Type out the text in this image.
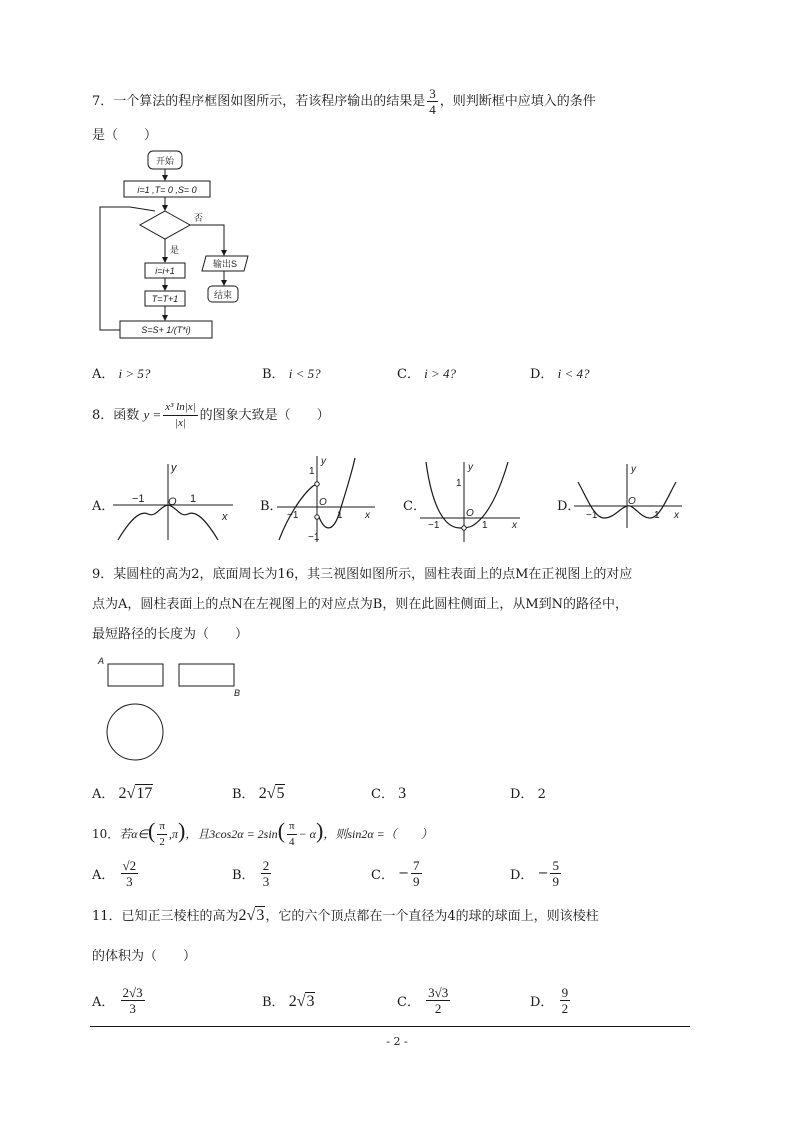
7．一个算法的程序框图如图所示，若该程序输出的结果是 $\frac{3}{4}$ ，则判断框中应填入的条件
是（　　）
开始
i=1 ,T= 0 ,S= 0
否
是
i=i+1
T=T+1
S=S+ 1/(T*i)
输出S
结束
A． i > 5?	B． i < 5?	C． i > 4?	D． i < 4?
8．函数 $y = \frac{\text{x³ ln|x|}}{|x|}$ 的图象大致是（　　）
A． −1 O 1
x
y
B．
1
−1
O
1
−1
x
y
C．
1
−1
O
1 x
y
D．
−1
O
1 x
y
9．某圆柱的高为2，底面周长为16，其三视图如图所示，圆柱表面上的点M在正视图上的对应
点为A，圆柱表面上的点N在左视图上的对应点为B，则在此圆柱侧面上，从M到N的路径中，
最短路径的长度为（　　）
A
B
A． 2√17	B． 2√5	C． 3	D． 2
10．若α∈( $\frac{\pi}{2} ,\pi$)，且$3\cos 2\alpha = 2\sin( \frac{\pi}{4} - \alpha)$，则sin2α =（　　）
A． $\frac{√2}{3}$	B． $\frac{2}{3}$	C． − $\frac{7}{9}$	D． − $\frac{5}{9}$
11．已知正三棱柱的高为2√3，它的六个顶点都在一个直径为4的球的球面上，则该棱柱
的体积为（　　）
A． $\frac{2√3}{3}$	B． 2√3	C． $\frac{3√3}{2}$	D． $\frac{9}{2}$
- 2 -
